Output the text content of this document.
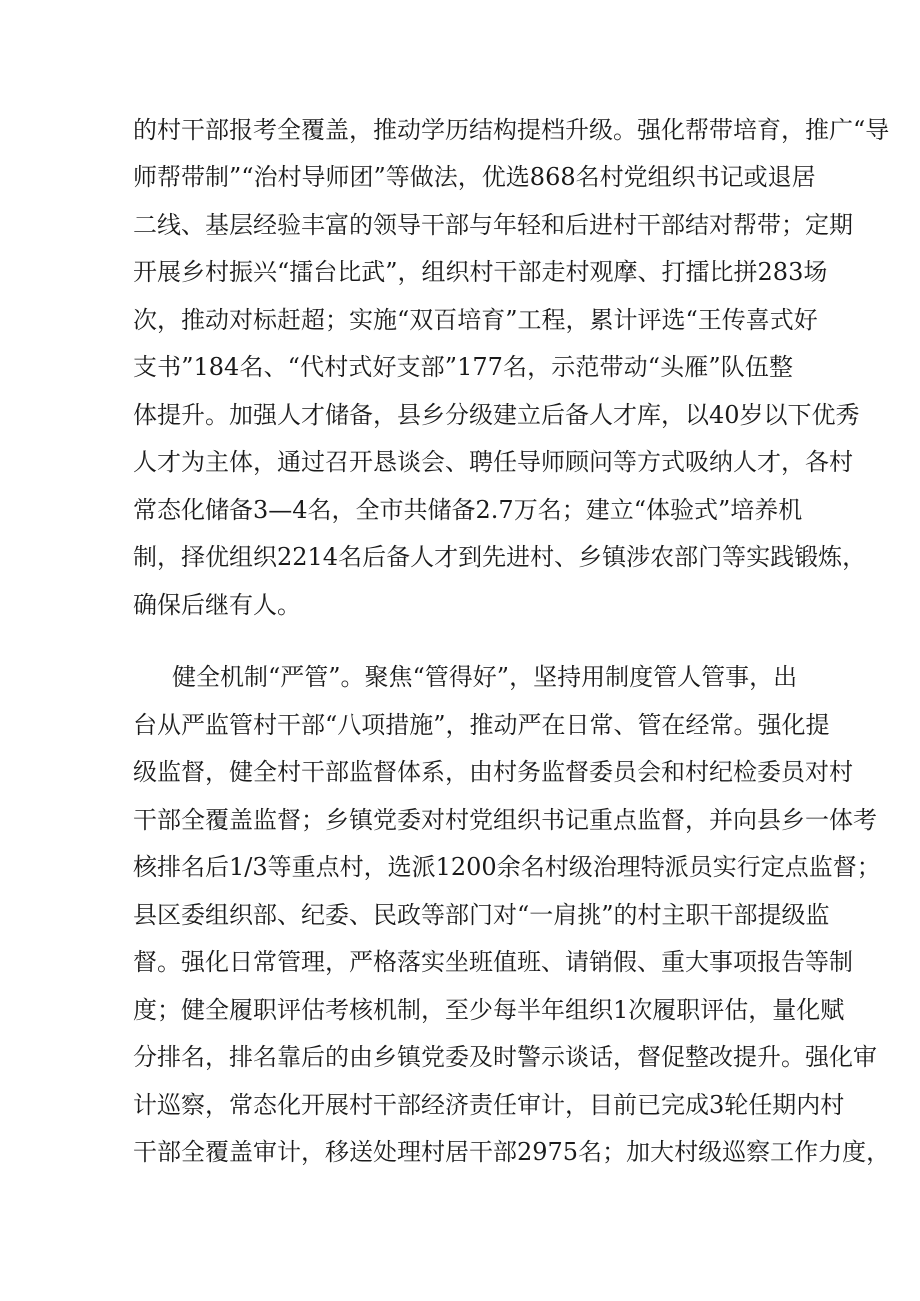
的村干部报考全覆盖，推动学历结构提档升级。强化帮带培育，推广“导

师帮带制”“治村导师团”等做法，优选868名村党组织书记或退居

二线、基层经验丰富的领导干部与年轻和后进村干部结对帮带；定期

开展乡村振兴“擂台比武”，组织村干部走村观摩、打擂比拼283场

次，推动对标赶超；实施“双百培育”工程，累计评选“王传喜式好

支书”184名、“代村式好支部”177名，示范带动“头雁”队伍整

体提升。加强人才储备，县乡分级建立后备人才库，以40岁以下优秀

人才为主体，通过召开恳谈会、聘任导师顾问等方式吸纳人才，各村

常态化储备3—4名，全市共储备2.7万名；建立“体验式”培养机

制，择优组织2214名后备人才到先进村、乡镇涉农部门等实践锻炼，

确保后继有人。

健全机制“严管”。聚焦“管得好”，坚持用制度管人管事，出

台从严监管村干部“八项措施”，推动严在日常、管在经常。强化提

级监督，健全村干部监督体系，由村务监督委员会和村纪检委员对村

干部全覆盖监督；乡镇党委对村党组织书记重点监督，并向县乡一体考

核排名后1/3等重点村，选派1200余名村级治理特派员实行定点监督；

县区委组织部、纪委、民政等部门对“一肩挑”的村主职干部提级监

督。强化日常管理，严格落实坐班值班、请销假、重大事项报告等制

度；健全履职评估考核机制，至少每半年组织1次履职评估，量化赋

分排名，排名靠后的由乡镇党委及时警示谈话，督促整改提升。强化审

计巡察，常态化开展村干部经济责任审计，目前已完成3轮任期内村

干部全覆盖审计，移送处理村居干部2975名；加大村级巡察工作力度，
